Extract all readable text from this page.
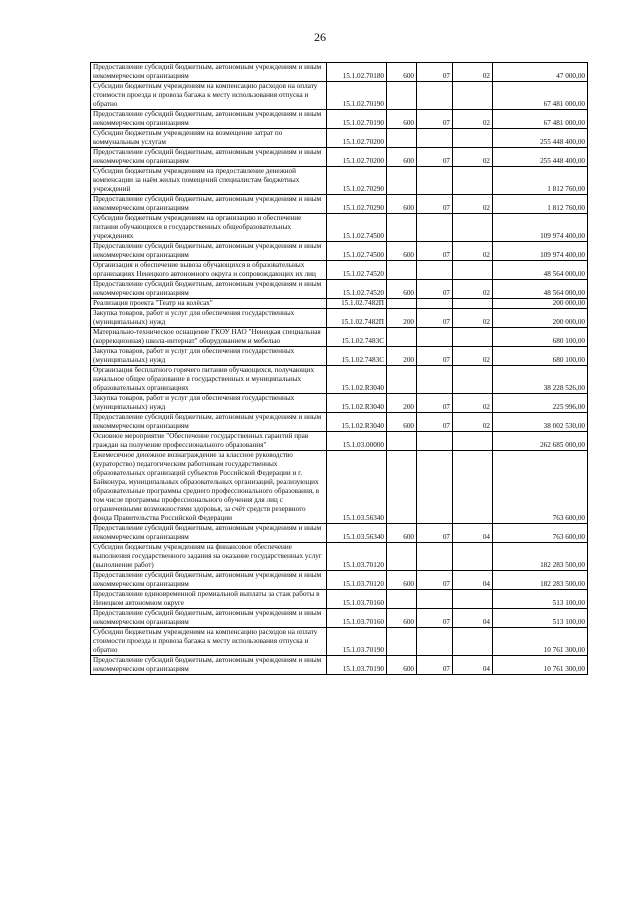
26
Предоставление субсидий бюджетным, автономным учреждениям и иным некоммерческим организациям	15.1.02.70180	600	07	02	47 000,00
Субсидии бюджетным учреждениям на компенсацию расходов на оплату стоимости проезда и провоза багажа к месту использования отпуска и обратно	15.1.02.70190				67 481 000,00
Предоставление субсидий бюджетным, автономным учреждениям и иным некоммерческим организациям	15.1.02.70190	600	07	02	67 481 000,00
Субсидии бюджетным учреждениям на возмещение затрат по коммунальным услугам	15.1.02.70200				255 448 400,00
Предоставление субсидий бюджетным, автономным учреждениям и иным некоммерческим организациям	15.1.02.70200	600	07	02	255 448 400,00
Субсидии бюджетным учреждениям на предоставление денежной компенсации за наём жилых помещений специалистам бюджетных учреждений	15.1.02.70290				1 812 760,00
Предоставление субсидий бюджетным, автономным учреждениям и иным некоммерческим организациям	15.1.02.70290	600	07	02	1 812 760,00
Субсидии бюджетным учреждениям на организацию и обеспечение питания обучающихся в государственных общеобразовательных учреждениях	15.1.02.74500				109 974 400,00
Предоставление субсидий бюджетным, автономным учреждениям и иным некоммерческим организациям	15.1.02.74500	600	07	02	109 974 400,00
Организация и обеспечение вывоза обучающихся в образовательных организациях Ненецкого автономного округа и сопровождающих их лиц	15.1.02.74520				48 564 000,00
Предоставление субсидий бюджетным, автономным учреждениям и иным некоммерческим организациям	15.1.02.74520	600	07	02	48 564 000,00
Реализация проекта "Театр на колёсах"	15.1.02.7482П				200 000,00
Закупка товаров, работ и услуг для обеспечения государственных (муниципальных) нужд	15.1.02.7482П	200	07	02	200 000,00
Материально-техническое оснащение ГКОУ НАО "Ненецкая специальная (коррекционная) школа-интернат" оборудованием и мебелью	15.1.02.7483С				680 100,00
Закупка товаров, работ и услуг для обеспечения государственных (муниципальных) нужд	15.1.02.7483С	200	07	02	680 100,00
Организация бесплатного горячего питания обучающихся, получающих начальное общее образование в государственных и муниципальных образовательных организациях	15.1.02.R3040				38 228 526,00
Закупка товаров, работ и услуг для обеспечения государственных (муниципальных) нужд	15.1.02.R3040	200	07	02	225 996,00
Предоставление субсидий бюджетным, автономным учреждениям и иным некоммерческим организациям	15.1.02.R3040	600	07	02	38 002 530,00
Основное мероприятие "Обеспечение государственных гарантий прав граждан на получение профессионального образования"	15.1.03.00000				262 685 000,00
Ежемесячное денежное вознаграждение за классное руководство (кураторство) педагогическим работникам государственных образовательных организаций субъектов Российской Федерации и г. Байконура, муниципальных образовательных организаций, реализующих образовательные программы среднего профессионального образования, в том числе программы профессионального обучения для лиц с ограниченными возможностями здоровья, за счёт средств резервного фонда Правительства Российской Федерации	15.1.03.56340				763 600,00
Предоставление субсидий бюджетным, автономным учреждениям и иным некоммерческим организациям	15.1.03.56340	600	07	04	763 600,00
Субсидии бюджетным учреждениям на финансовое обеспечение выполнения государственного задания на оказание государственных услуг (выполнение работ)	15.1.03.70120				182 283 500,00
Предоставление субсидий бюджетным, автономным учреждениям и иным некоммерческим организациям	15.1.03.70120	600	07	04	182 283 500,00
Предоставление единовременной премиальной выплаты за стаж работы в Ненецком автономном округе	15.1.03.70160				513 100,00
Предоставление субсидий бюджетным, автономным учреждениям и иным некоммерческим организациям	15.1.03.70160	600	07	04	513 100,00
Субсидии бюджетным учреждениям на компенсацию расходов на оплату стоимости проезда и провоза багажа к месту использования отпуска и обратно	15.1.03.70190				10 761 300,00
Предоставление субсидий бюджетным, автономным учреждениям и иным некоммерческим организациям	15.1.03.70190	600	07	04	10 761 300,00
